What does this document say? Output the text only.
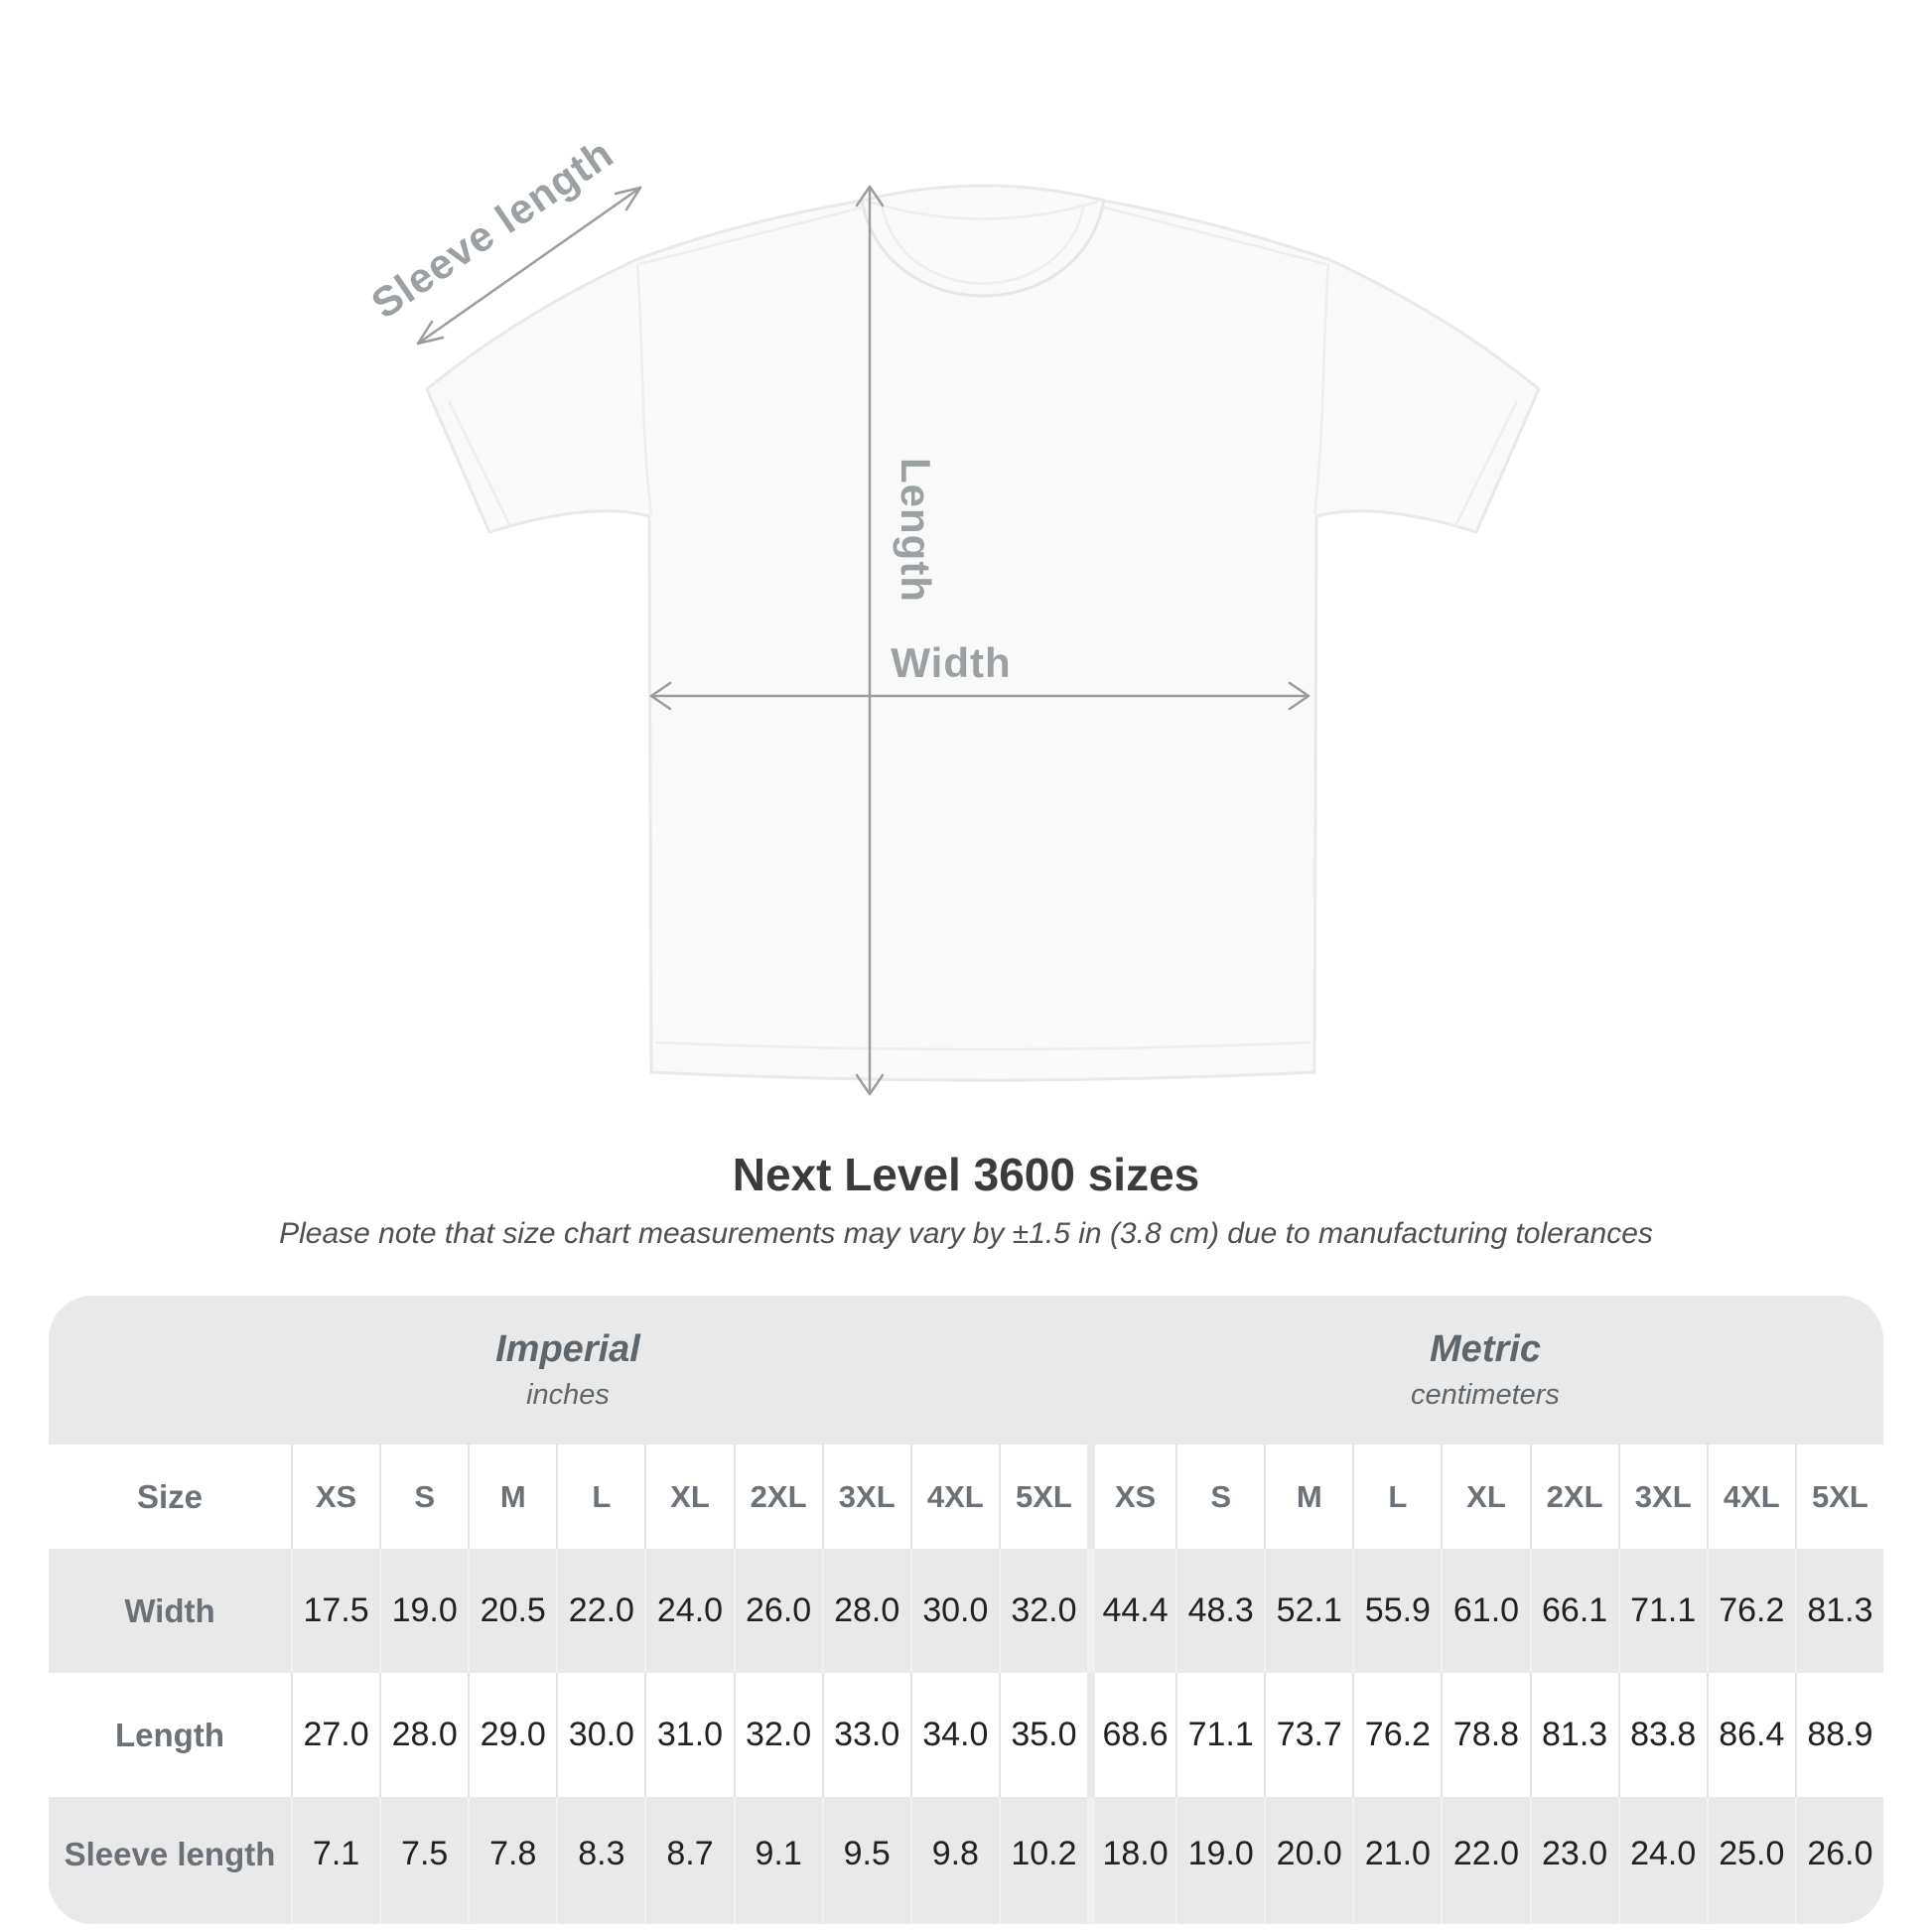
Sleeve length
Length
Width
Next Level 3600 sizes
Please note that size chart measurements may vary by ±1.5 in (3.8 cm) due to manufacturing tolerances
Imperial
inches
Metric
centimeters
Size	XS	S	M	L	XL	2XL	3XL	4XL	5XL	XS	S	M	L	XL	2XL	3XL	4XL	5XL
Width	17.5 19.0 20.5 22.0 24.0 26.0 28.0 30.0 32.0 44.4 48.3 52.1 55.9 61.0 66.1 71.1 76.2 81.3
Length	27.0 28.0 29.0 30.0 31.0 32.0 33.0 34.0 35.0 68.6 71.1 73.7 76.2 78.8 81.3 83.8 86.4 88.9
Sleeve length	7.1	7.5	7.8	8.3	8.7	9.1	9.5	9.8 10.2 18.0 19.0 20.0 21.0 22.0 23.0 24.0 25.0 26.0
